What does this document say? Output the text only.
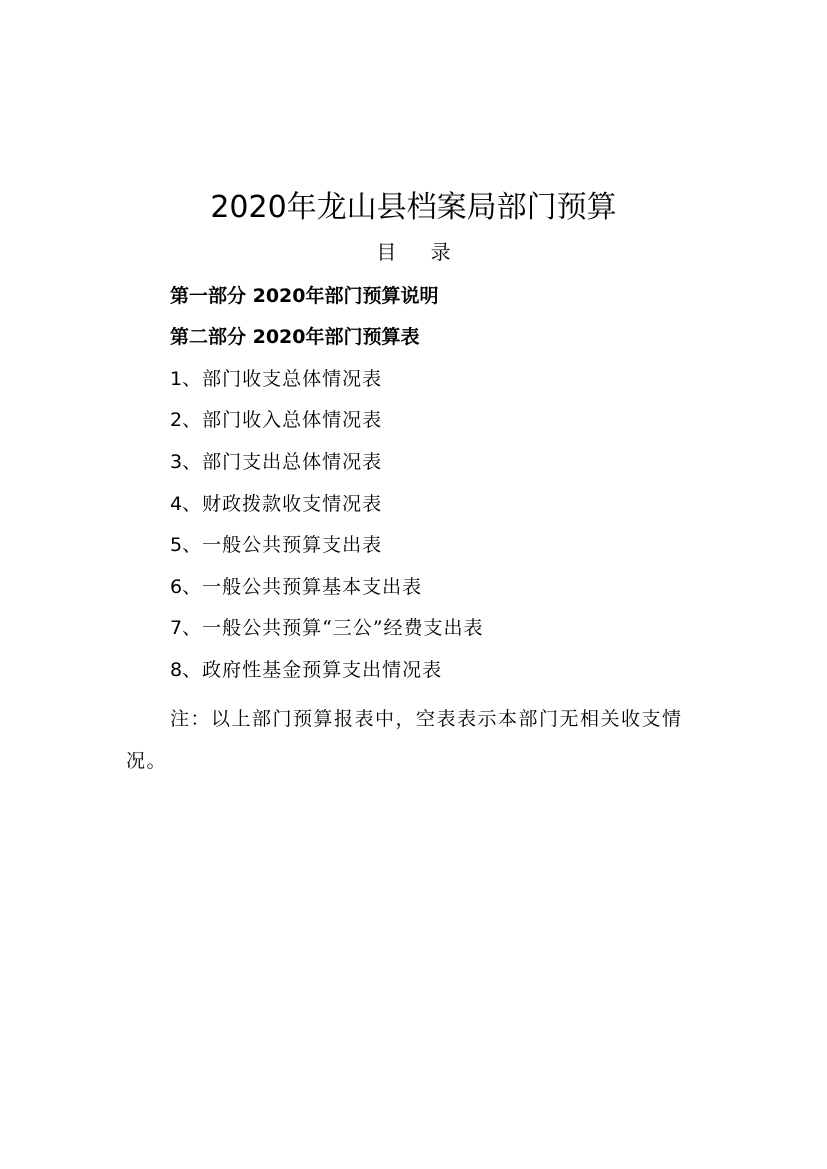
2020年龙山县档案局部门预算
目 录
第一部分 2020年部门预算说明
第二部分 2020年部门预算表
1、部门收支总体情况表
2、部门收入总体情况表
3、部门支出总体情况表
4、财政拨款收支情况表
5、一般公共预算支出表
6、一般公共预算基本支出表
7、一般公共预算“三公”经费支出表
8、政府性基金预算支出情况表
注：以上部门预算报表中，空表表示本部门无相关收支情况。
